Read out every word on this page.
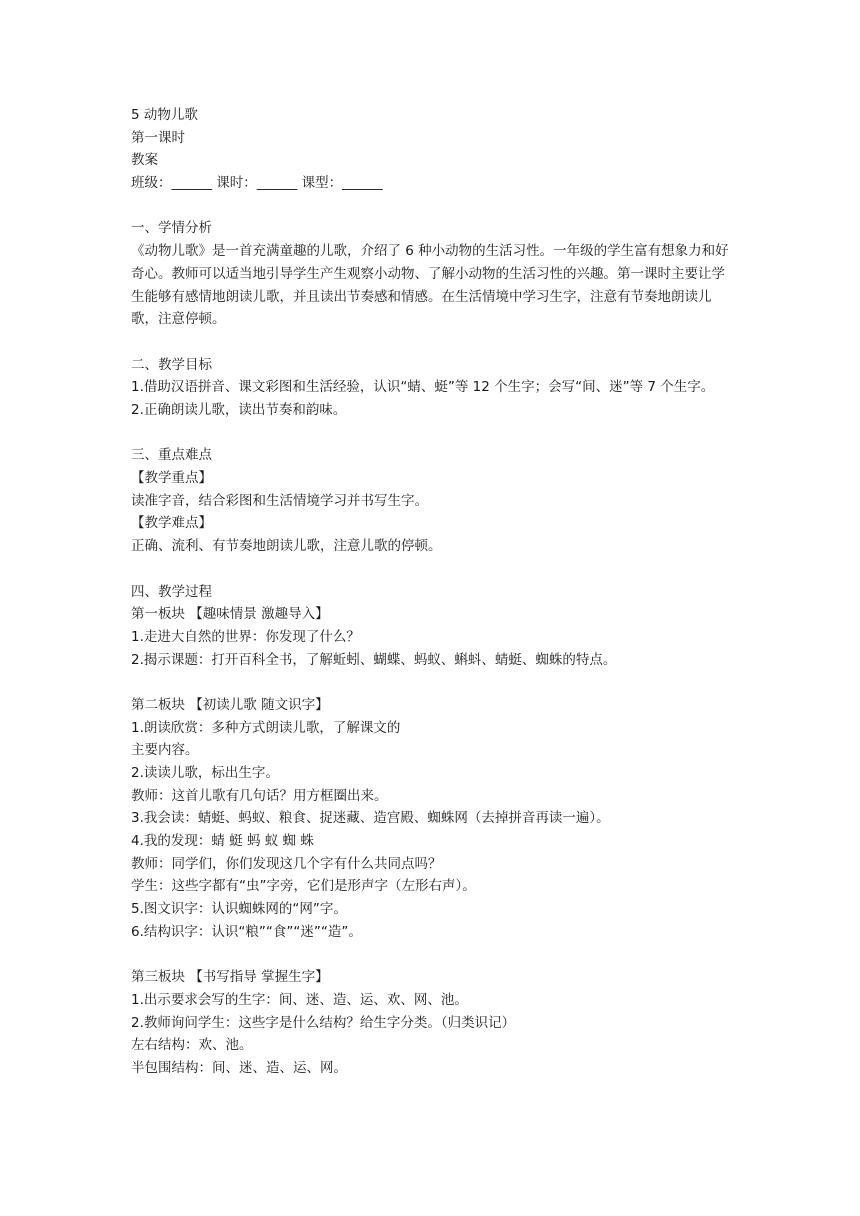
5 动物儿歌
第一课时
教案
班级：______ 课时：______ 课型：______
一、学情分析
《动物儿歌》是一首充满童趣的儿歌，介绍了 6 种小动物的生活习性。一年级的学生富有想象力和好奇心。教师可以适当地引导学生产生观察小动物、了解小动物的生活习性的兴趣。第一课时主要让学生能够有感情地朗读儿歌，并且读出节奏感和情感。在生活情境中学习生字，注意有节奏地朗读儿歌，注意停顿。
二、教学目标
1.借助汉语拼音、课文彩图和生活经验，认识“蜻、蜓”等 12 个生字；会写“间、迷”等 7 个生字。
2.正确朗读儿歌，读出节奏和韵味。
三、重点难点
【教学重点】
读准字音，结合彩图和生活情境学习并书写生字。
【教学难点】
正确、流利、有节奏地朗读儿歌，注意儿歌的停顿。
四、教学过程
第一板块 【趣味情景 激趣导入】
1.走进大自然的世界：你发现了什么？
2.揭示课题：打开百科全书，了解蚯蚓、蝴蝶、蚂蚁、蝌蚪、蜻蜓、蜘蛛的特点。
第二板块 【初读儿歌 随文识字】
1.朗读欣赏：多种方式朗读儿歌，了解课文的
主要内容。
2.读读儿歌，标出生字。
教师：这首儿歌有几句话？用方框圈出来。
3.我会读：蜻蜓、蚂蚁、粮食、捉迷藏、造宫殿、蜘蛛网（去掉拼音再读一遍）。
4.我的发现：蜻 蜓 蚂 蚁 蜘 蛛
教师：同学们，你们发现这几个字有什么共同点吗？
学生：这些字都有“虫”字旁，它们是形声字（左形右声）。
5.图文识字：认识蜘蛛网的“网”字。
6.结构识字：认识“粮”“食”“迷”“造”。
第三板块 【书写指导 掌握生字】
1.出示要求会写的生字：间、迷、造、运、欢、网、池。
2.教师询问学生：这些字是什么结构？给生字分类。（归类识记）
左右结构：欢、池。
半包围结构：间、迷、造、运、网。
